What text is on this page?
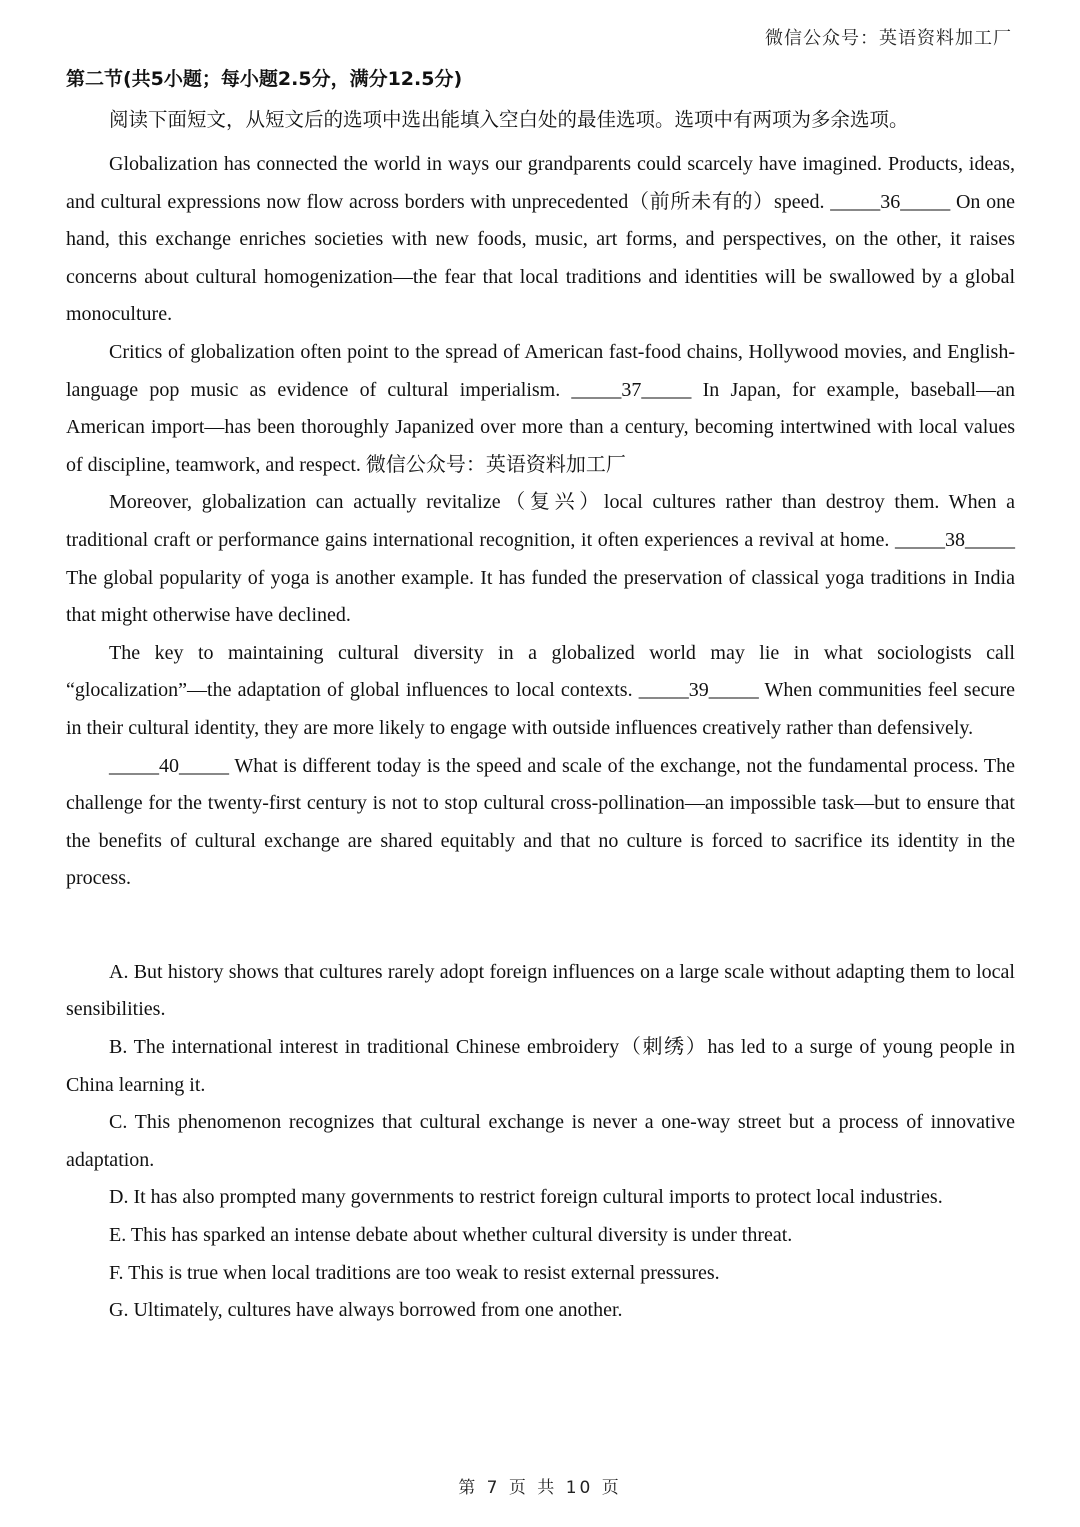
微信公众号：英语资料加工厂
第二节(共5小题；每小题2.5分，满分12.5分)

阅读下面短文，从短文后的选项中选出能填入空白处的最佳选项。选项中有两项为多余选项。

Globalization has connected the world in ways our grandparents could scarcely have imagined. Products, ideas, and cultural expressions now flow across borders with unprecedented（前所未有的）speed. _____36_____ On one hand, this exchange enriches societies with new foods, music, art forms, and perspectives, on the other, it raises concerns about cultural homogenization—the fear that local traditions and identities will be swallowed by a global monoculture.

Critics of globalization often point to the spread of American fast-food chains, Hollywood movies, and English-language pop music as evidence of cultural imperialism. _____37_____ In Japan, for example, baseball—an American import—has been thoroughly Japanized over more than a century, becoming intertwined with local values of discipline, teamwork, and respect. 微信公众号：英语资料加工厂

Moreover, globalization can actually revitalize（复兴）local cultures rather than destroy them. When a traditional craft or performance gains international recognition, it often experiences a revival at home. _____38_____ The global popularity of yoga is another example. It has funded the preservation of classical yoga traditions in India that might otherwise have declined.

The key to maintaining cultural diversity in a globalized world may lie in what sociologists call “glocalization”—the adaptation of global influences to local contexts. _____39_____ When communities feel secure in their cultural identity, they are more likely to engage with outside influences creatively rather than defensively.

_____40_____ What is different today is the speed and scale of the exchange, not the fundamental process. The challenge for the twenty-first century is not to stop cultural cross-pollination—an impossible task—but to ensure that the benefits of cultural exchange are shared equitably and that no culture is forced to sacrifice its identity in the process.

A. But history shows that cultures rarely adopt foreign influences on a large scale without adapting them to local sensibilities.

B. The international interest in traditional Chinese embroidery（刺绣）has led to a surge of young people in China learning it.

C. This phenomenon recognizes that cultural exchange is never a one-way street but a process of innovative adaptation.

D. It has also prompted many governments to restrict foreign cultural imports to protect local industries.

E. This has sparked an intense debate about whether cultural diversity is under threat.

F. This is true when local traditions are too weak to resist external pressures.

G. Ultimately, cultures have always borrowed from one another.

第 7 页 共 10 页
